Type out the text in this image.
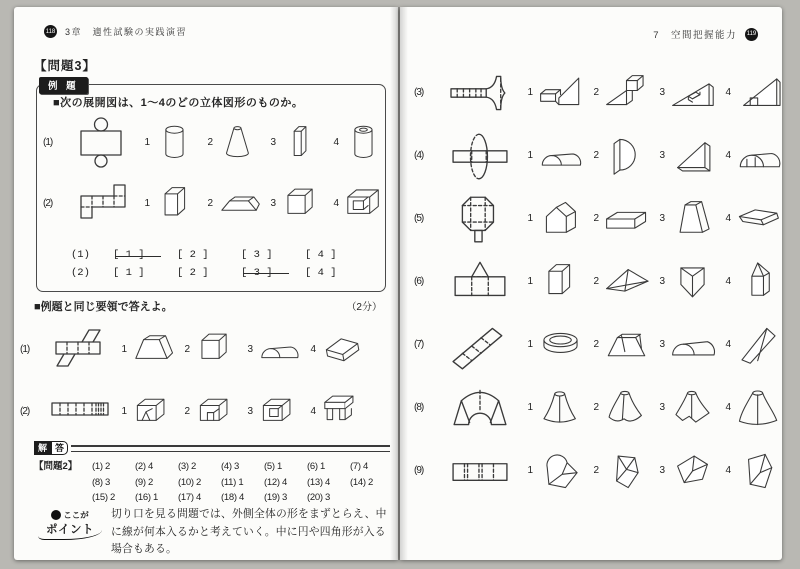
118 3章　適性試験の実践演習
【問題3】
例 題
■次の展開図は、1～4のどの立体図形のものか。
(1)	1	2	3	4
(2)	1	2	3	4
(1)	[ 1 ]	[ 2 ]	[ 3 ]	[ 4 ]
(2)	[ 1 ]	[ 2 ]	[ 3 ]	[ 4 ]
■例題と同じ要領で答えよ。	（2分）
(1)	1	2	3	4
(2)	1	2	3	4
解 答
【問題2】	(1) 2	(2) 4	(3) 2	(4) 3	(5) 1	(6) 1	(7) 4
(8) 3	(9) 2	(10) 2	(11) 1	(12) 4	(13) 4	(14) 2
(15) 2	(16) 1	(17) 4	(18) 4	(19) 3	(20) 3
ここが
ポイント
切り口を見る問題では、外側全体の形をまずとらえ、中に線が何本入るかと考えていく。中に円や四角形が入る場合もある。
7　空間把握能力 119
(3)	1	2	3	4
(4)	1	2	3	4
(5)	1	2	3	4
(6)	1	2	3	4
(7)	1	2	3	4
(8)	1	2	3	4
(9)	1	2	3	4
